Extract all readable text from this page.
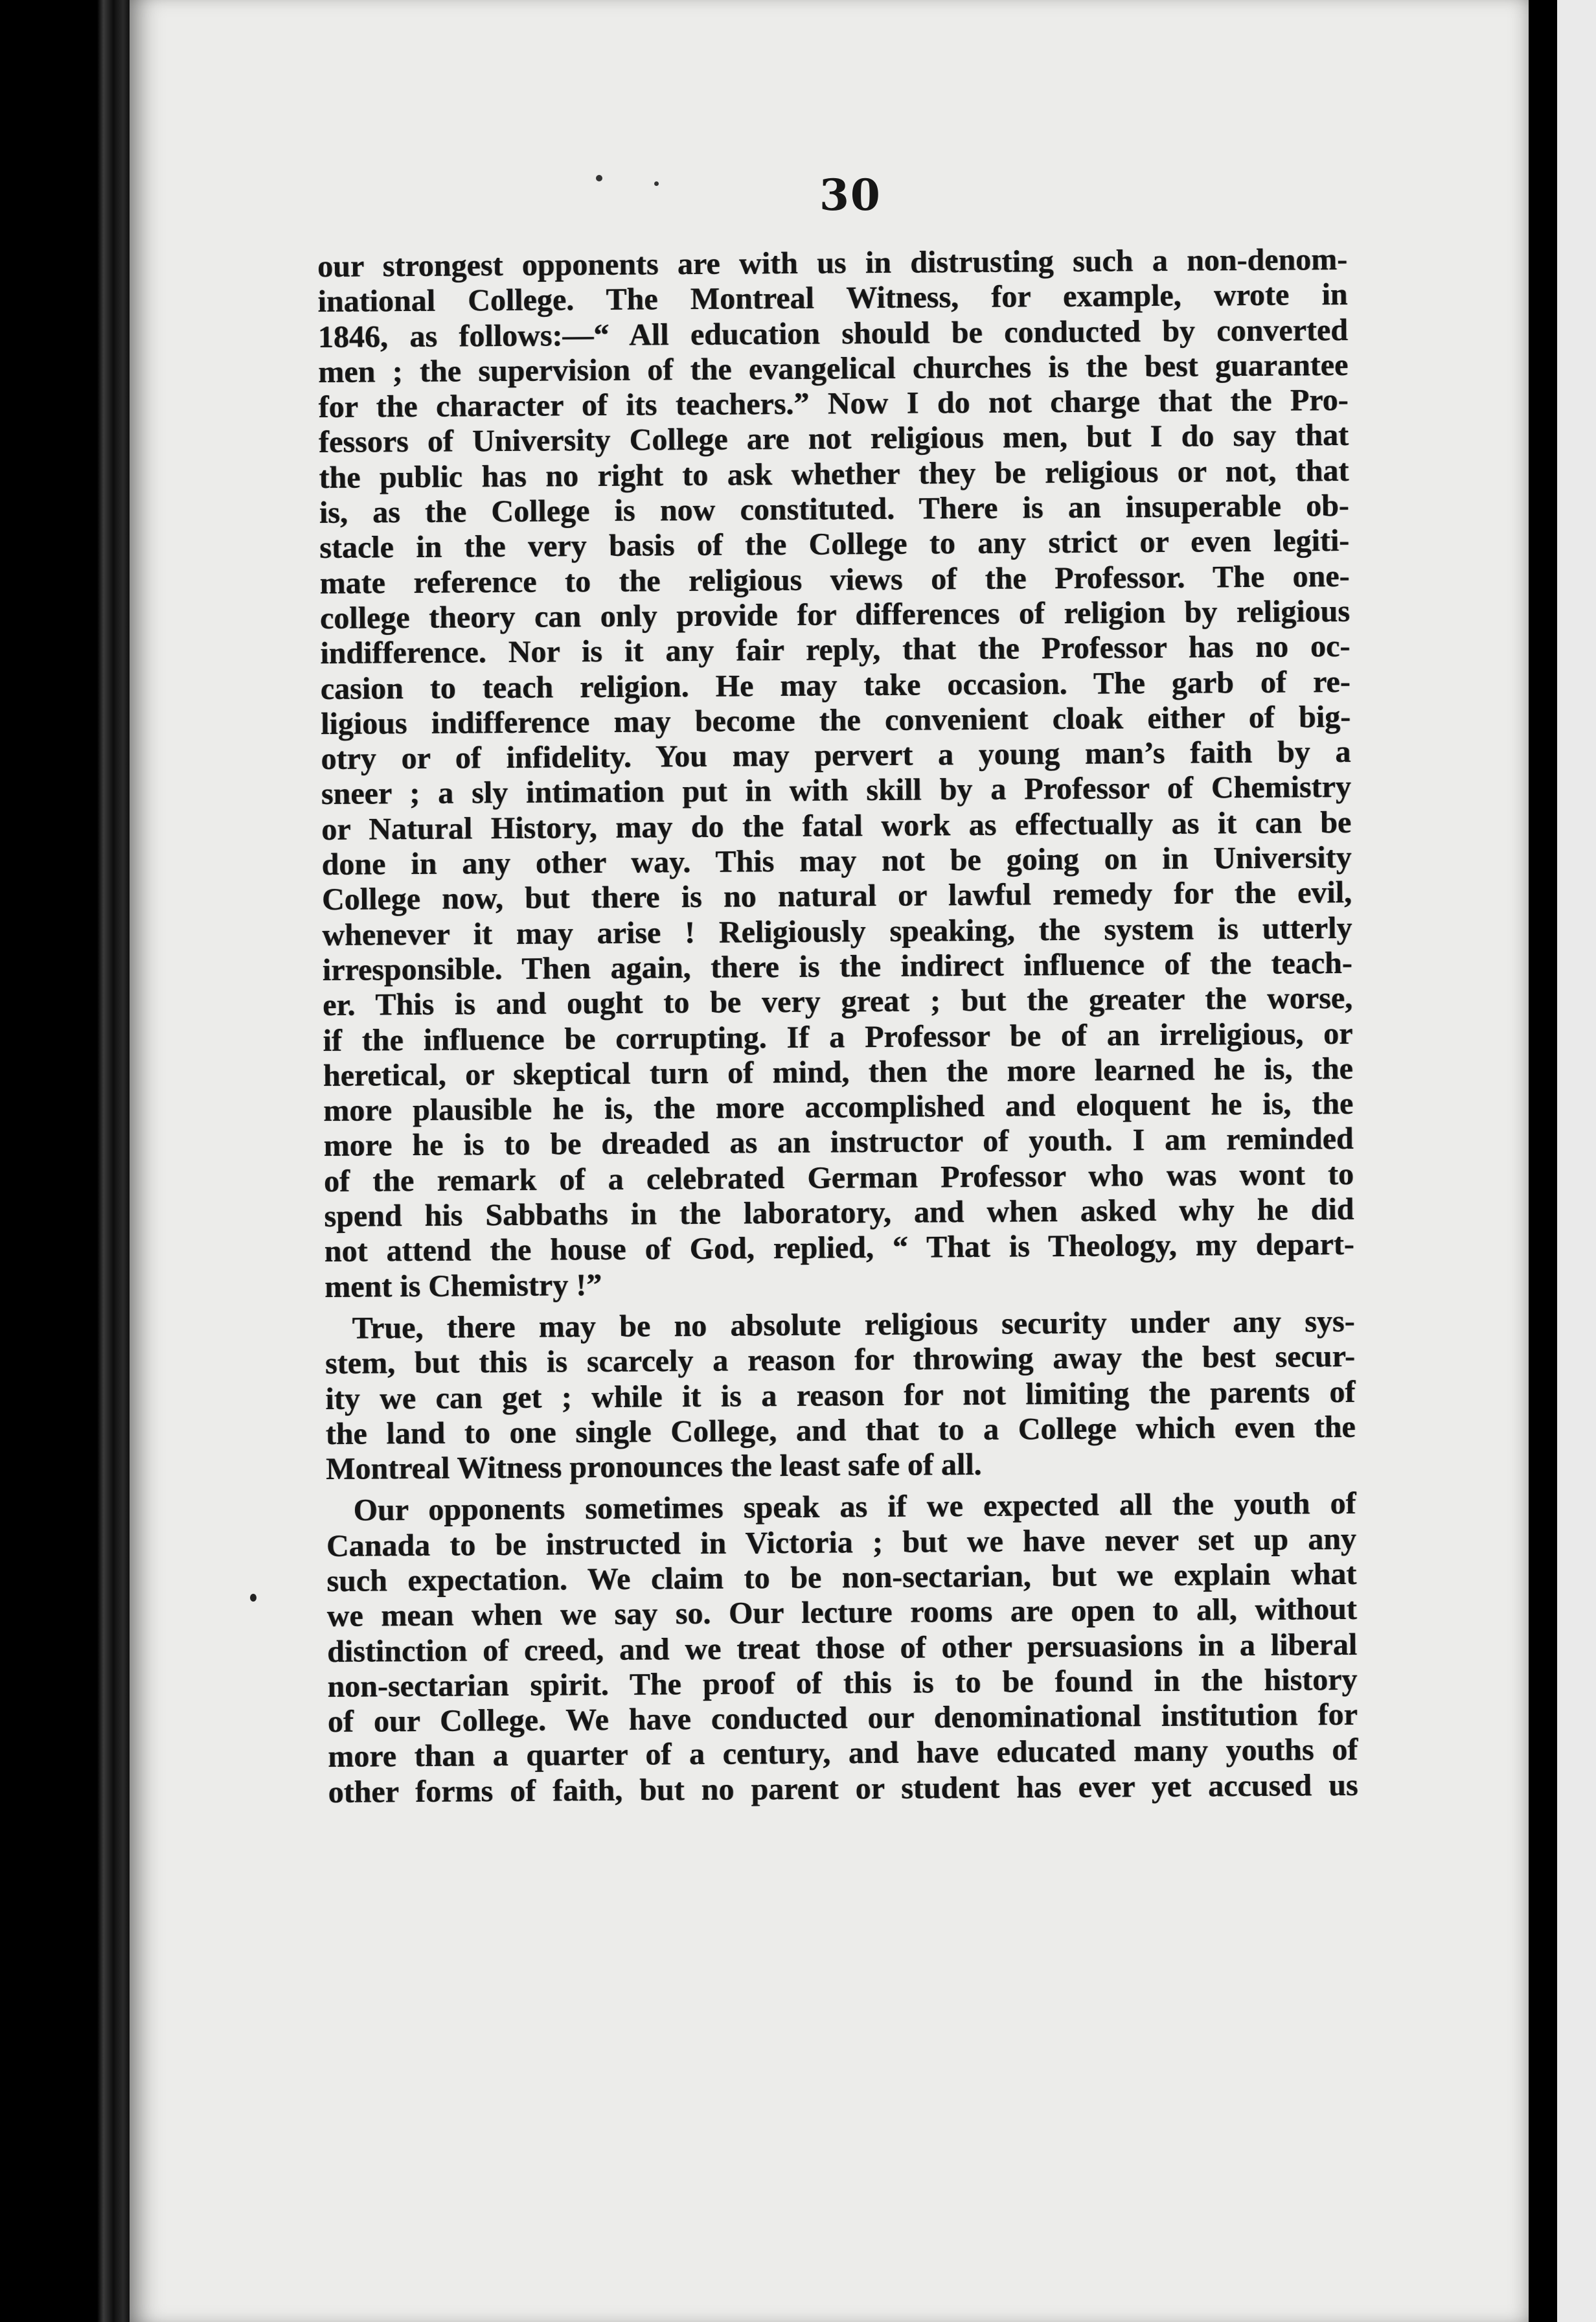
30
our strongest opponents are with us in distrusting such a non-denom-
inational College. The Montreal Witness, for example, wrote in
1846, as follows:—“ All education should be conducted by converted
men ; the supervision of the evangelical churches is the best guarantee
for the character of its teachers.” Now I do not charge that the Pro-
fessors of University College are not religious men, but I do say that
the public has no right to ask whether they be religious or not, that
is, as the College is now constituted. There is an insuperable ob-
stacle in the very basis of the College to any strict or even legiti-
mate reference to the religious views of the Professor. The one-
college theory can only provide for differences of religion by religious
indifference. Nor is it any fair reply, that the Professor has no oc-
casion to teach religion. He may take occasion. The garb of re-
ligious indifference may become the convenient cloak either of big-
otry or of infidelity. You may pervert a young man’s faith by a
sneer ; a sly intimation put in with skill by a Professor of Chemistry
or Natural History, may do the fatal work as effectually as it can be
done in any other way. This may not be going on in University
College now, but there is no natural or lawful remedy for the evil,
whenever it may arise ! Religiously speaking, the system is utterly
irresponsible. Then again, there is the indirect influence of the teach-
er. This is and ought to be very great ; but the greater the worse,
if the influence be corrupting. If a Professor be of an irreligious, or
heretical, or skeptical turn of mind, then the more learned he is, the
more plausible he is, the more accomplished and eloquent he is, the
more he is to be dreaded as an instructor of youth. I am reminded
of the remark of a celebrated German Professor who was wont to
spend his Sabbaths in the laboratory, and when asked why he did
not attend the house of God, replied, “ That is Theology, my depart-
ment is Chemistry !”
True, there may be no absolute religious security under any sys-
stem, but this is scarcely a reason for throwing away the best secur-
ity we can get ; while it is a reason for not limiting the parents of
the land to one single College, and that to a College which even the
Montreal Witness pronounces the least safe of all.
Our opponents sometimes speak as if we expected all the youth of
Canada to be instructed in Victoria ; but we have never set up any
such expectation. We claim to be non-sectarian, but we explain what
we mean when we say so. Our lecture rooms are open to all, without
distinction of creed, and we treat those of other persuasions in a liberal
non-sectarian spirit. The proof of this is to be found in the history
of our College. We have conducted our denominational institution for
more than a quarter of a century, and have educated many youths of
other forms of faith, but no parent or student has ever yet accused us
